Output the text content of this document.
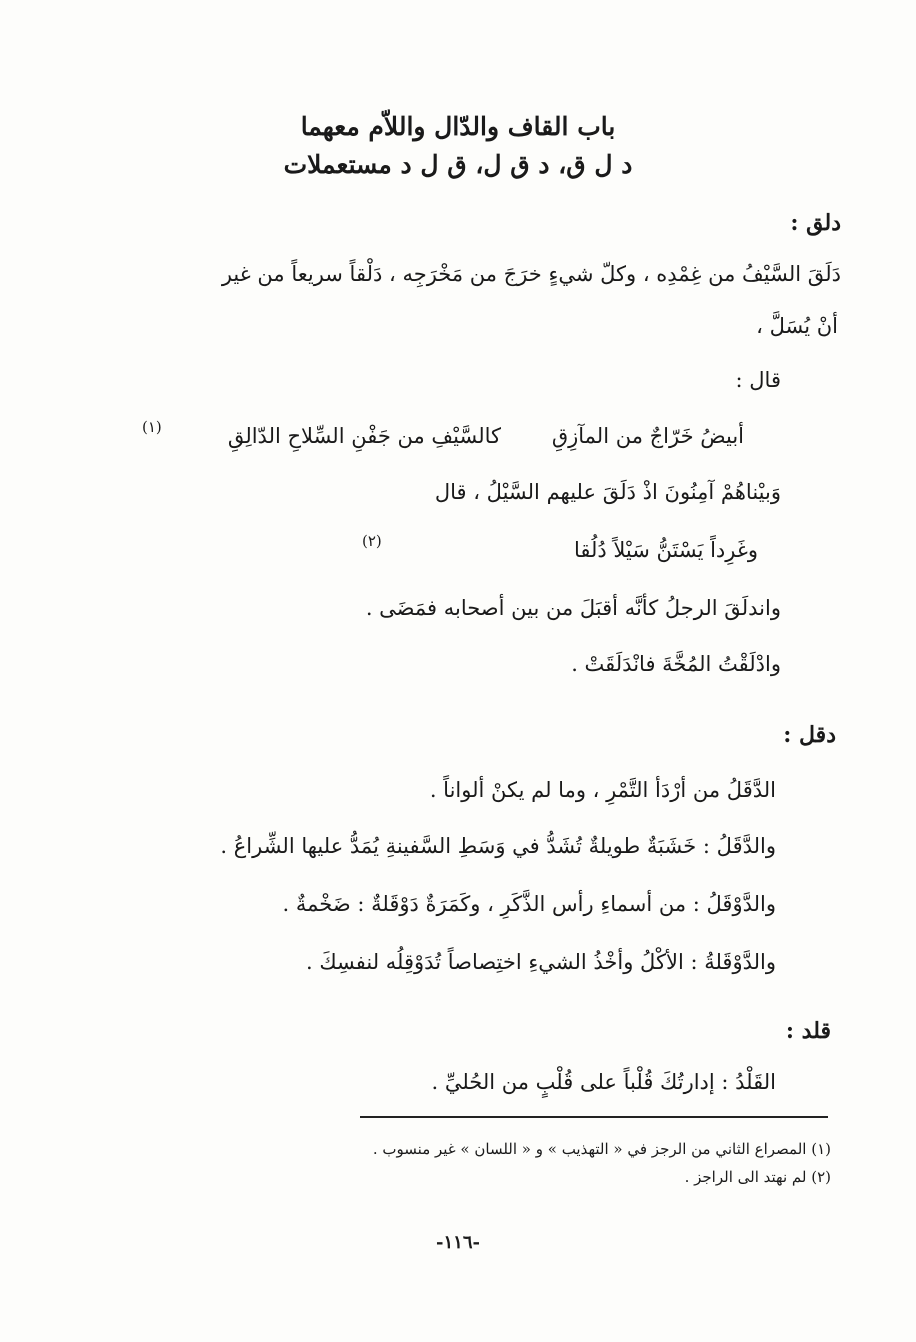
باب القاف والدّال واللاّم معهما
د ل ق، د ق ل، ق ل د مستعملات
دلق :
دَلَقَ السَّيْفُ من غِمْدِه ، وكلّ شيءٍ خرَجَ من مَخْرَجِه ، دَلْقاً سريعاً من غير
أنْ يُسَلَّ ،
قال :
أبيضُ خَرّاجٌ من المآزِقِ
كالسَّيْفِ من جَفْنِ السِّلاحِ الدّالِقِ
(١)
وَبيْناهُمْ آمِنُونَ اذْ دَلَقَ عليهم السَّيْلُ ، قال
وغَرِداً يَسْتَنُّ سَيْلاً دُلُقا
(٢)
واندلَقَ الرجلُ كأنَّه أقبَلَ من بين أصحابه فمَضَى .
وادْلَقْتُ المُخَّةَ فانْدَلَقَتْ .
دقل :
الدَّقَلُ من أرْدَأ التَّمْرِ ، وما لم يكنْ ألواناً .
والدَّقَلُ : خَشَبَةٌ طويلةٌ تُشَدُّ في وَسَطِ السَّفينةِ يُمَدُّ عليها الشِّراعُ .
والدَّوْقَلُ : من أسماءِ رأس الذَّكَرِ ، وكَمَرَةٌ دَوْقَلةٌ : ضَخْمةٌ .
والدَّوْقَلةُ : الأكْلُ وأخْذُ الشيءِ اختِصاصاً تُدَوْقِلُه لنفسِكَ .
قلد :
القَلْدُ : إدارتُكَ قُلْباً على قُلْبٍ من الحُليِّ .
(١) المصراع الثاني من الرجز في « التهذيب » و « اللسان » غير منسوب .
(٢) لم نهتد الى الراجز .
-١١٦-
